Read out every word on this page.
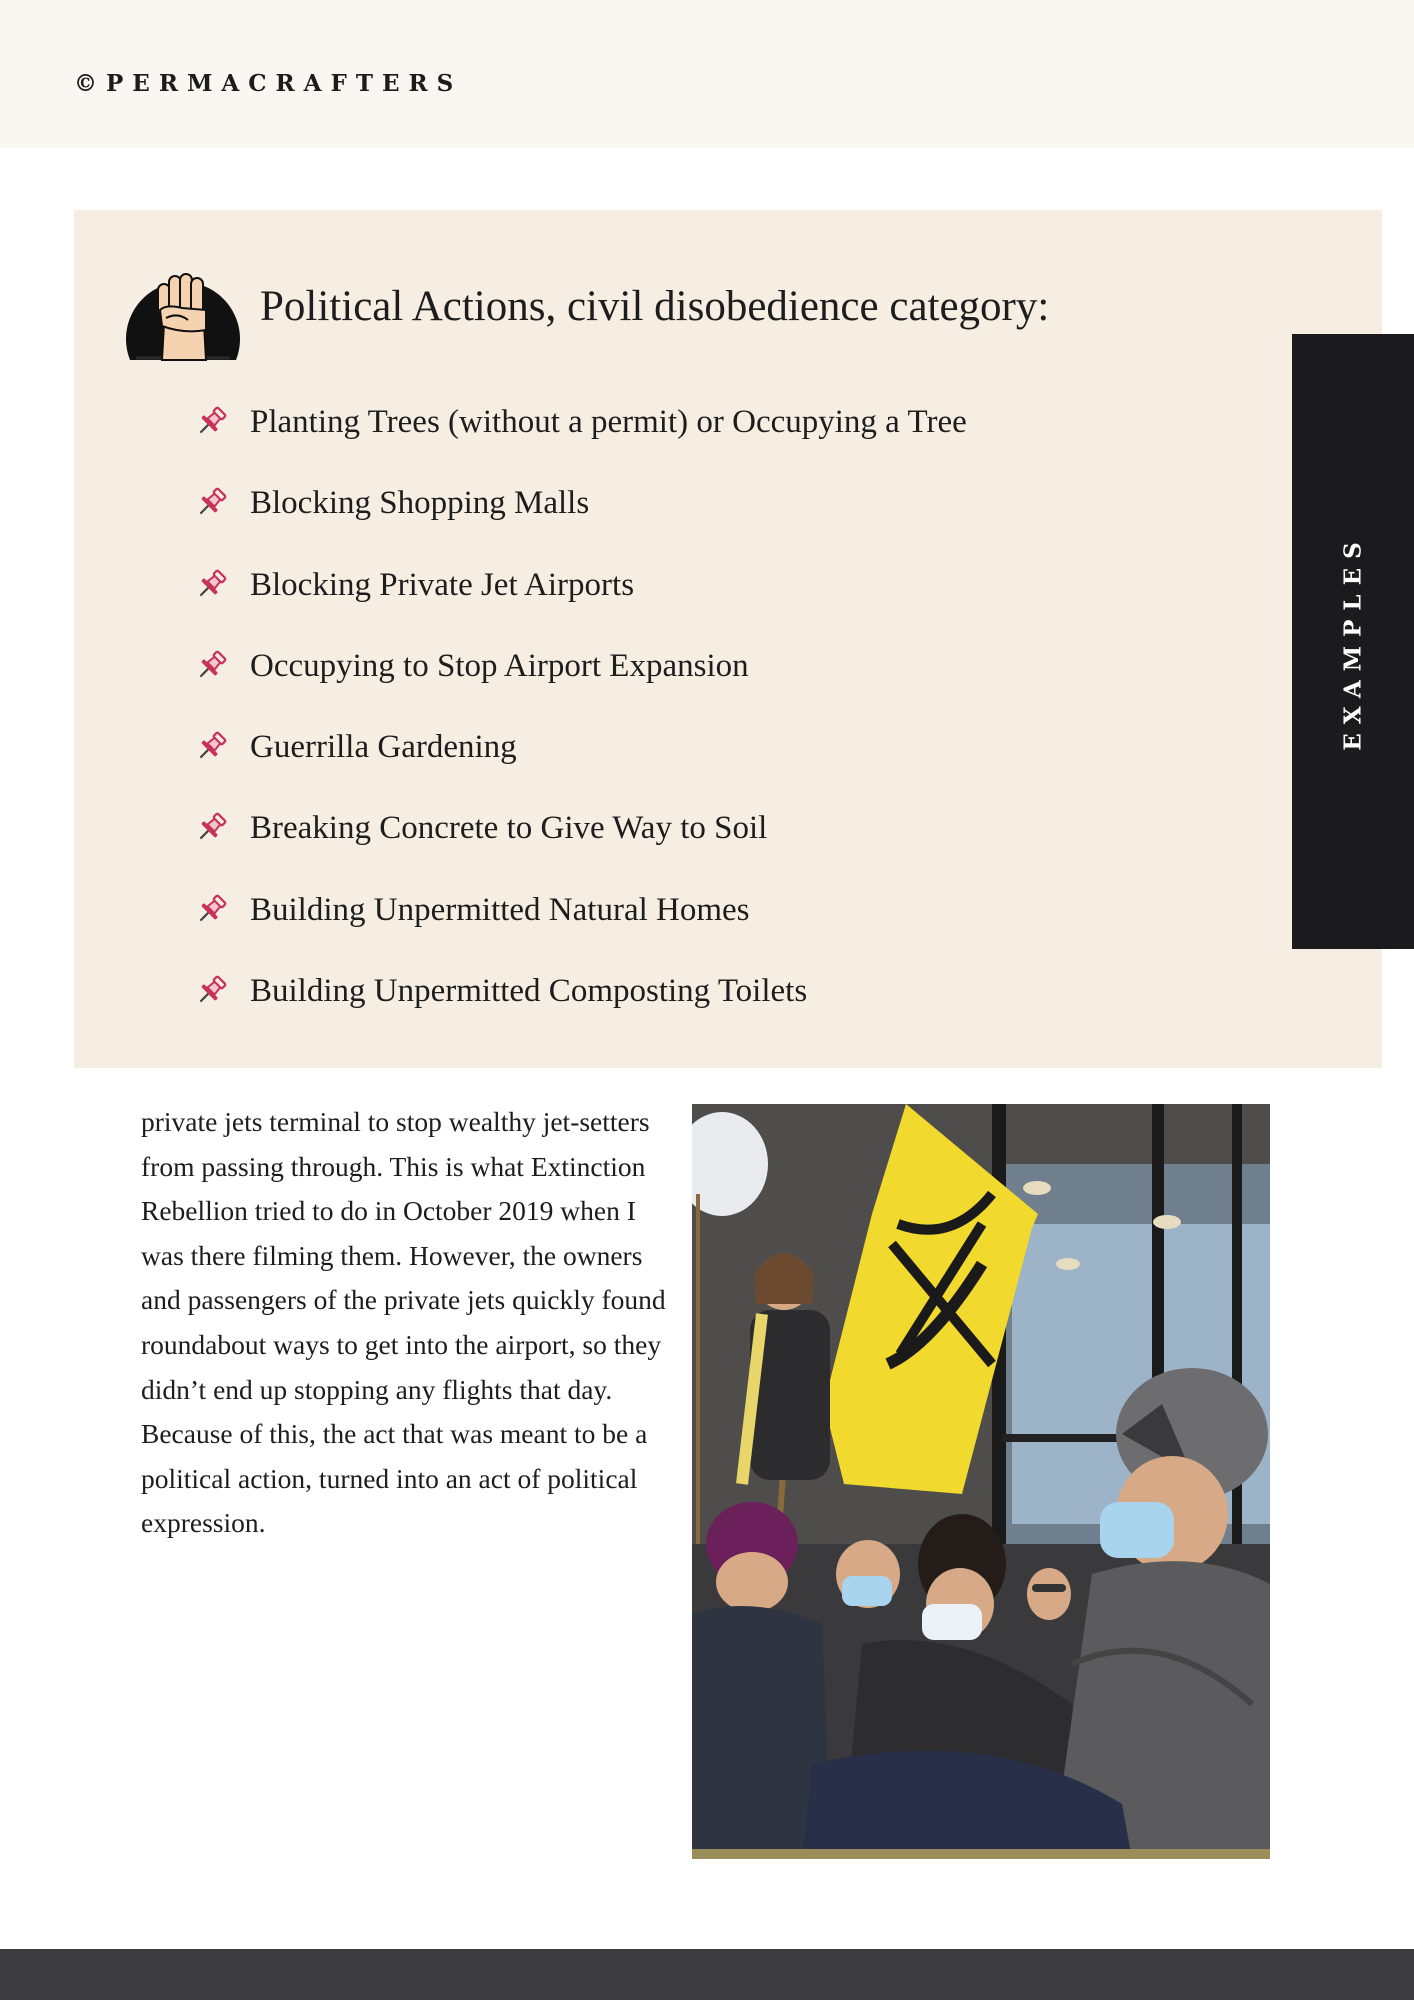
©PERMACRAFTERS
Political Actions, civil disobedience category:
Planting Trees (without a permit) or Occupying a Tree
Blocking Shopping Malls
Blocking Private Jet Airports
Occupying to Stop Airport Expansion
Guerrilla Gardening
Breaking Concrete to Give Way to Soil
Building Unpermitted Natural Homes
Building Unpermitted Composting Toilets
EXAMPLES

private jets terminal to stop wealthy jet-setters from passing through. This is what Extinction Rebellion tried to do in October 2019 when I was there filming them. However, the owners and passengers of the private jets quickly found roundabout ways to get into the airport, so they didn’t end up stopping any flights that day. Because of this, the act that was meant to be a political action, turned into an act of political expression.
